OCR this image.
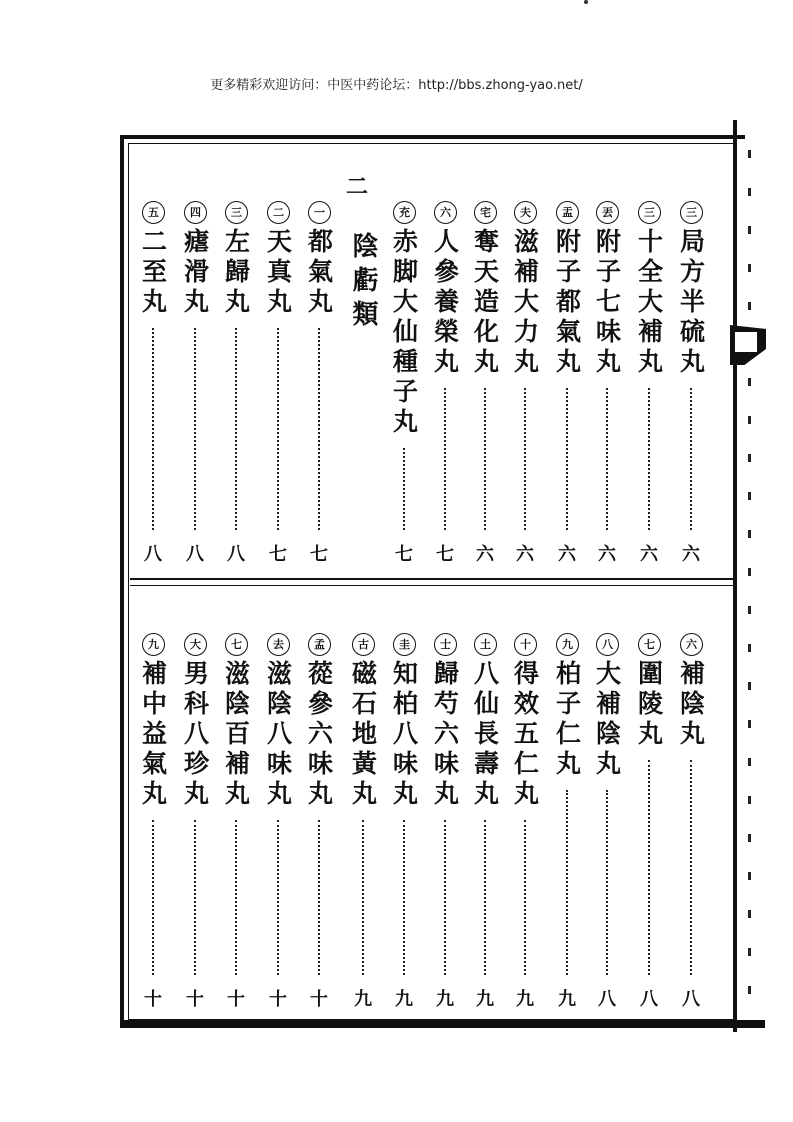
更多精彩欢迎访问：中医中药论坛：http://bbs.zhong-yao.net/
二
陰虧類
三
局方半硫丸
六
三
十全大補丸
六
丟
附子七味丸
六
盂
附子都氣丸
六
夫
滋補大力丸
六
宅
奪天造化丸
六
六
人參養榮丸
七
充
赤脚大仙種子丸
七
一
都氣丸
七
二
天真丸
七
三
左歸丸
八
四
瘧滑丸
八
五
二至丸
八
六
補陰丸
八
七
圍陵丸
八
八
大補陰丸
八
九
柏子仁丸
九
十
得效五仁丸
九
土
八仙長壽丸
九
士
歸芍六味丸
九
圭
知柏八味丸
九
古
磁石地黃丸
九
孟
蓯參六味丸
十
去
滋陰八味丸
十
七
滋陰百補丸
十
大
男科八珍丸
十
九
補中益氣丸
十
